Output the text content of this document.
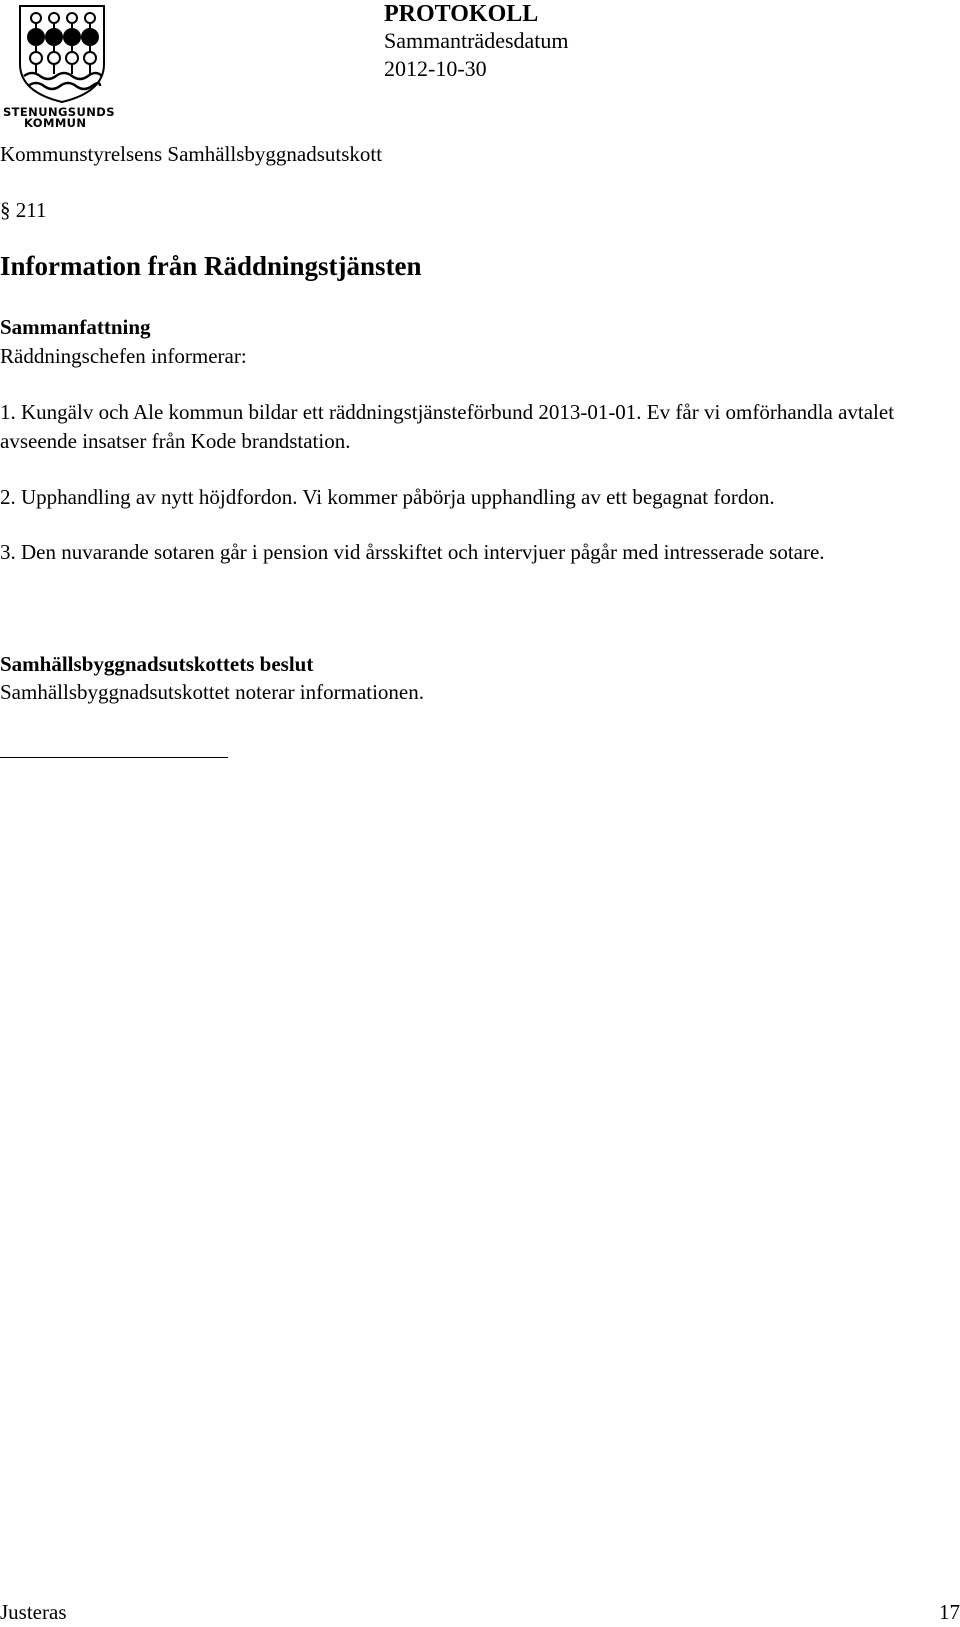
STENUNGSUNDS
KOMMUN
PROTOKOLL
Sammanträdesdatum
2012-10-30
Kommunstyrelsens Samhällsbyggnadsutskott
§ 211
Information från Räddningstjänsten
Sammanfattning
Räddningschefen informerar:
1. Kungälv och Ale kommun bildar ett räddningstjänsteförbund 2013-01-01. Ev får vi omförhandla avtalet avseende insatser från Kode brandstation.
2. Upphandling av nytt höjdfordon. Vi kommer påbörja upphandling av ett begagnat fordon.
3. Den nuvarande sotaren går i pension vid årsskiftet och intervjuer pågår med intresserade sotare.
Samhällsbyggnadsutskottets beslut
Samhällsbyggnadsutskottet noterar informationen.
Justeras	17
